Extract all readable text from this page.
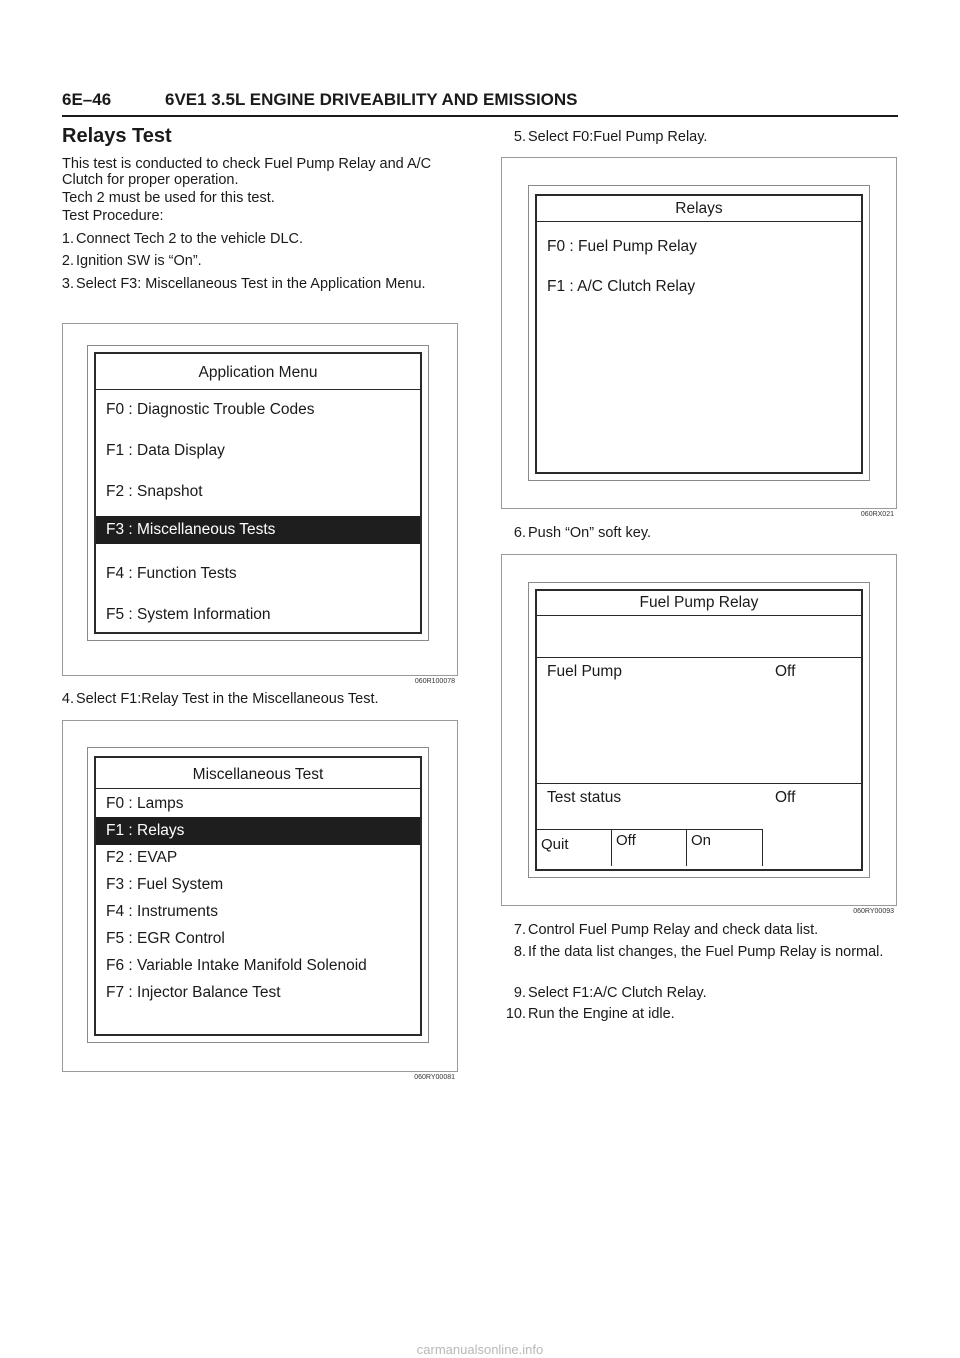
6E–46	6VE1 3.5L ENGINE DRIVEABILITY AND EMISSIONS
Relays Test
This test is conducted to check Fuel Pump Relay and A/C
Clutch for proper operation.
Tech 2 must be used for this test.
Test Procedure:
1. Connect Tech 2 to the vehicle DLC.
2. Ignition SW is “On”.
3. Select F3: Miscellaneous Test in the Application Menu.
Application Menu
F0 : Diagnostic Trouble Codes
F1 : Data Display
F2 : Snapshot
F3 : Miscellaneous Tests
F4 : Function Tests
F5 : System Information
060R100078
4. Select F1:Relay Test in the Miscellaneous Test.
Miscellaneous Test
F0 : Lamps
F1 : Relays
F2 : EVAP
F3 : Fuel System
F4 : Instruments
F5 : EGR Control
F6 : Variable Intake Manifold Solenoid
F7 : Injector Balance Test
060RY00081
5. Select F0:Fuel Pump Relay.
Relays
F0 : Fuel Pump Relay
F1 : A/C Clutch Relay
060RX021
6. Push “On” soft key.
Fuel Pump Relay
Fuel Pump	Off
Test status	Off
Quit	Off	On
060RY00093
7. Control Fuel Pump Relay and check data list.
8. If the data list changes, the Fuel Pump Relay is normal.
9. Select F1:A/C Clutch Relay.
10. Run the Engine at idle.
carmanualsonline.info
